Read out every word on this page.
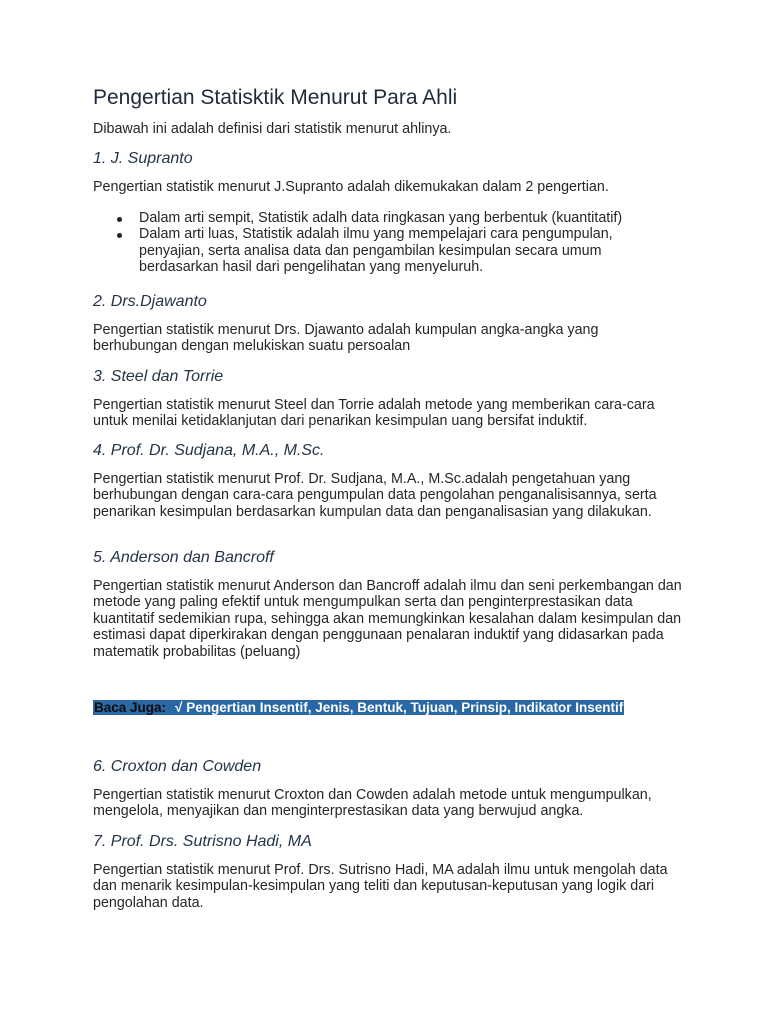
Pengertian Statisktik Menurut Para Ahli

Dibawah ini adalah definisi dari statistik menurut ahlinya.

1. J. Supranto

Pengertian statistik menurut J.Supranto adalah dikemukakan dalam 2 pengertian.

Dalam arti sempit, Statistik adalh data ringkasan yang berbentuk (kuantitatif)
Dalam arti luas, Statistik adalah ilmu yang mempelajari cara pengumpulan, penyajian, serta analisa data dan pengambilan kesimpulan secara umum berdasarkan hasil dari pengelihatan yang menyeluruh.
2. Drs.Djawanto

Pengertian statistik menurut Drs. Djawanto adalah kumpulan angka-angka yang berhubungan dengan melukiskan suatu persoalan

3. Steel dan Torrie

Pengertian statistik menurut Steel dan Torrie adalah metode yang memberikan cara-cara untuk menilai ketidaklanjutan dari penarikan kesimpulan uang bersifat induktif.

4. Prof. Dr. Sudjana, M.A., M.Sc.

Pengertian statistik menurut Prof. Dr. Sudjana, M.A., M.Sc.adalah pengetahuan yang berhubungan dengan cara-cara pengumpulan data pengolahan penganalisisannya, serta penarikan kesimpulan berdasarkan kumpulan data dan penganalisasian yang dilakukan.

5. Anderson dan Bancroff

Pengertian statistik menurut Anderson dan Bancroff adalah ilmu dan seni perkembangan dan metode yang paling efektif untuk mengumpulkan serta dan penginterprestasikan data kuantitatif sedemikian rupa, sehingga akan memungkinkan kesalahan dalam kesimpulan dan estimasi dapat diperkirakan dengan penggunaan penalaran induktif yang didasarkan pada matematik probabilitas (peluang)

Baca Juga: √ Pengertian Insentif, Jenis, Bentuk, Tujuan, Prinsip, Indikator Insentif
6. Croxton dan Cowden

Pengertian statistik menurut Croxton dan Cowden adalah metode untuk mengumpulkan, mengelola, menyajikan dan menginterprestasikan data yang berwujud angka.

7. Prof. Drs. Sutrisno Hadi, MA

Pengertian statistik menurut Prof. Drs. Sutrisno Hadi, MA adalah ilmu untuk mengolah data dan menarik kesimpulan-kesimpulan yang teliti dan keputusan-keputusan yang logik dari pengolahan data.
